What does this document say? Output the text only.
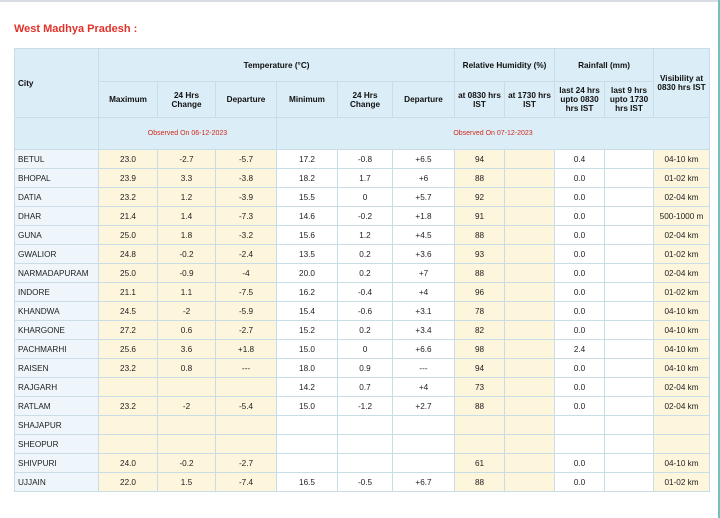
West Madhya Pradesh :
City	Temperature (°C)						Relative Humidity (%)		Rainfall (mm)		Visibility at 0830 hrs IST
	Maximum	24 Hrs Change	Departure	Minimum	24 Hrs Change	Departure	at 0830 hrs IST	at 1730 hrs IST	last 24 hrs upto 0830 hrs IST	last 9 hrs upto 1730 hrs IST	
	Observed On 06-12-2023			Observed On 07-12-2023							
BETUL	23.0	-2.7	-5.7	17.2	-0.8	+6.5	94		0.4		04-10 km
BHOPAL	23.9	3.3	-3.8	18.2	1.7	+6	88		0.0		01-02 km
DATIA	23.2	1.2	-3.9	15.5	0	+5.7	92		0.0		02-04 km
DHAR	21.4	1.4	-7.3	14.6	-0.2	+1.8	91		0.0		500-1000 m
GUNA	25.0	1.8	-3.2	15.6	1.2	+4.5	88		0.0		02-04 km
GWALIOR	24.8	-0.2	-2.4	13.5	0.2	+3.6	93		0.0		01-02 km
NARMADAPURAM	25.0	-0.9	-4	20.0	0.2	+7	88		0.0		02-04 km
INDORE	21.1	1.1	-7.5	16.2	-0.4	+4	96		0.0		01-02 km
KHANDWA	24.5	-2	-5.9	15.4	-0.6	+3.1	78		0.0		04-10 km
KHARGONE	27.2	0.6	-2.7	15.2	0.2	+3.4	82		0.0		04-10 km
PACHMARHI	25.6	3.6	+1.8	15.0	0	+6.6	98		2.4		04-10 km
RAISEN	23.2	0.8	---	18.0	0.9	---	94		0.0		04-10 km
RAJGARH				14.2	0.7	+4	73		0.0		02-04 km
RATLAM	23.2	-2	-5.4	15.0	-1.2	+2.7	88		0.0		02-04 km
SHAJAPUR											
SHEOPUR											
SHIVPURI	24.0	-0.2	-2.7				61		0.0		04-10 km
UJJAIN	22.0	1.5	-7.4	16.5	-0.5	+6.7	88		0.0		01-02 km
